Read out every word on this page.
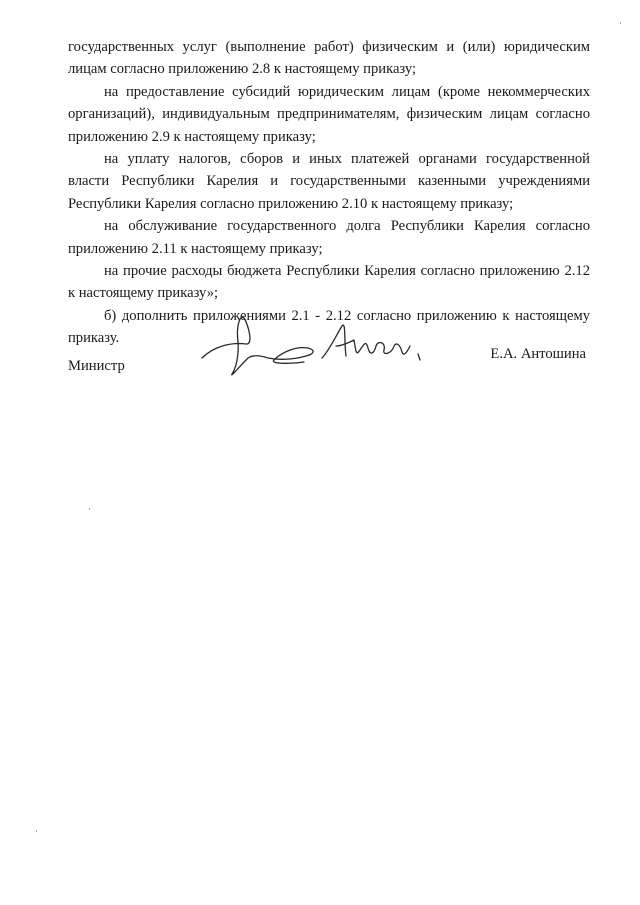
государственных услуг (выполнение работ) физическим и (или) юридическим лицам согласно приложению 2.8 к настоящему приказу;

на предоставление субсидий юридическим лицам (кроме некоммерческих организаций), индивидуальным предпринимателям, физическим лицам согласно приложению 2.9 к настоящему приказу;

на уплату налогов, сборов и иных платежей органами государственной власти Республики Карелия и государственными казенными учреждениями Республики Карелия согласно приложению 2.10 к настоящему приказу;

на обслуживание государственного долга Республики Карелия согласно приложению 2.11 к настоящему приказу;

на прочие расходы бюджета Республики Карелия согласно приложению 2.12 к настоящему приказу»;

б) дополнить приложениями 2.1 - 2.12 согласно приложению к настоящему приказу.

Министр
Е.А. Антошина
